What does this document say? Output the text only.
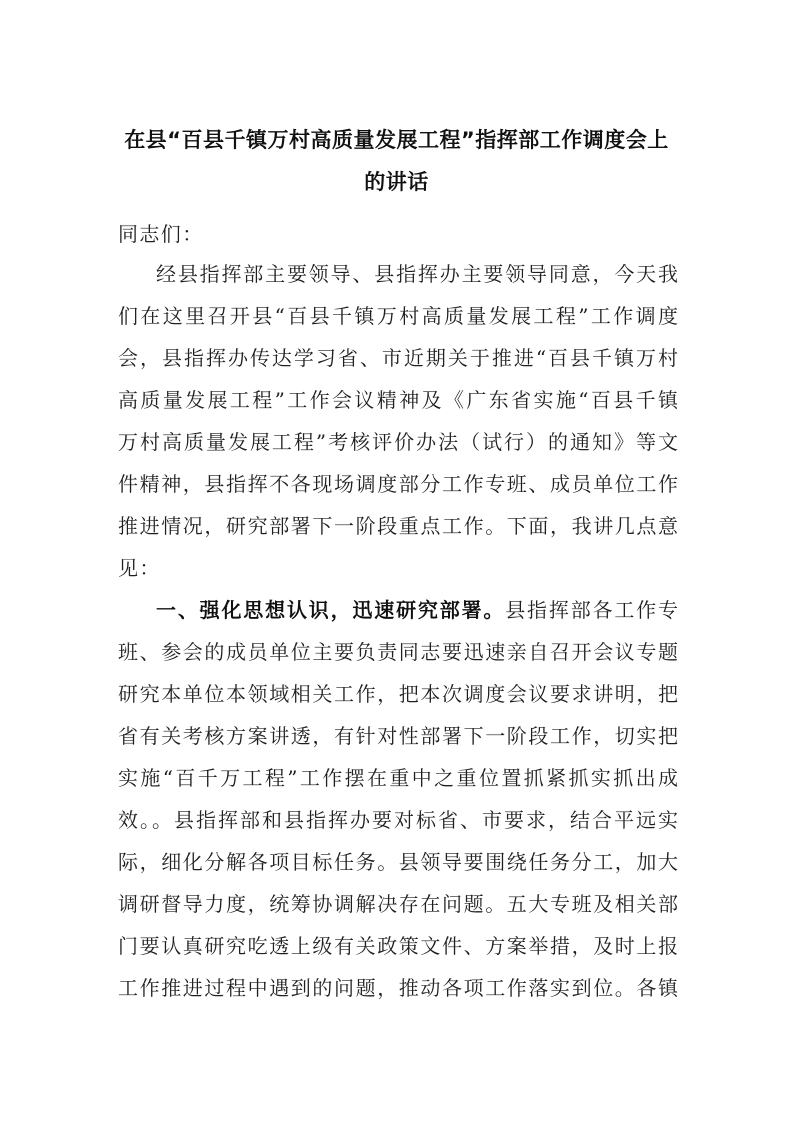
在县“百县千镇万村高质量发展工程”指挥部工作调度会上
的讲话
同志们：
经县指挥部主要领导、县指挥办主要领导同意，今天我
们在这里召开县“百县千镇万村高质量发展工程”工作调度
会，县指挥办传达学习省、市近期关于推进“百县千镇万村
高质量发展工程”工作会议精神及《广东省实施“百县千镇
万村高质量发展工程”考核评价办法（试行）的通知》等文
件精神，县指挥不各现场调度部分工作专班、成员单位工作
推进情况，研究部署下一阶段重点工作。下面，我讲几点意
见：
一、强化思想认识，迅速研究部署。县指挥部各工作专
班、参会的成员单位主要负责同志要迅速亲自召开会议专题
研究本单位本领域相关工作，把本次调度会议要求讲明，把
省有关考核方案讲透，有针对性部署下一阶段工作，切实把
实施“百千万工程”工作摆在重中之重位置抓紧抓实抓出成
效。。县指挥部和县指挥办要对标省、市要求，结合平远实
际，细化分解各项目标任务。县领导要围绕任务分工，加大
调研督导力度，统筹协调解决存在问题。五大专班及相关部
门要认真研究吃透上级有关政策文件、方案举措，及时上报
工作推进过程中遇到的问题，推动各项工作落实到位。各镇
